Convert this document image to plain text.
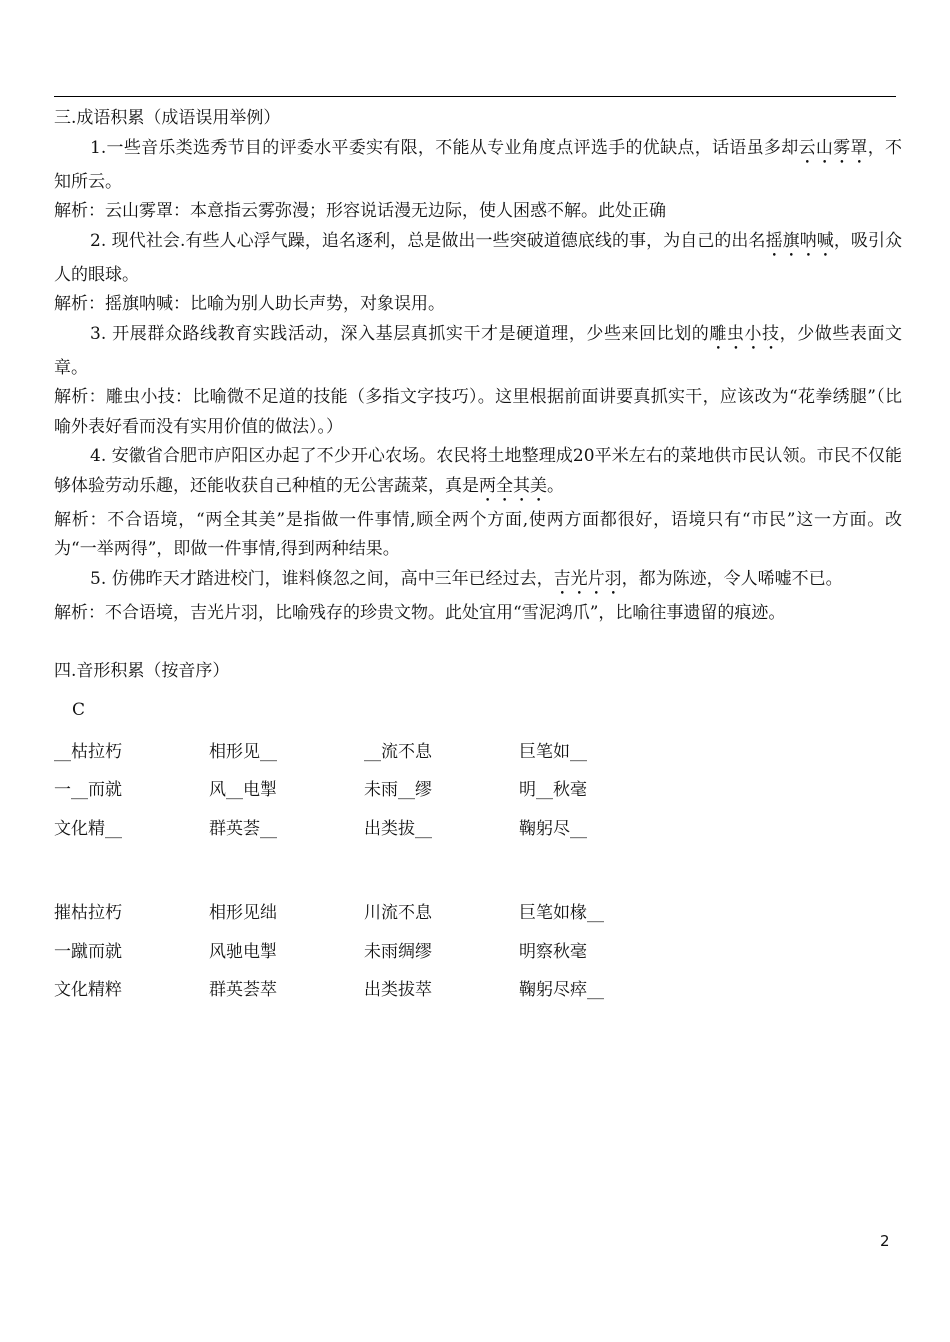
三.成语积累（成语误用举例）

1.一些音乐类选秀节目的评委水平委实有限，不能从专业角度点评选手的优缺点，话语虽多却云山雾罩，不知所云。

解析：云山雾罩：本意指云雾弥漫；形容说话漫无边际，使人困惑不解。此处正确

2. 现代社会.有些人心浮气躁，追名逐利，总是做出一些突破道德底线的事，为自己的出名摇旗呐喊，吸引众人的眼球。

解析：摇旗呐喊：比喻为别人助长声势，对象误用。

3. 开展群众路线教育实践活动，深入基层真抓实干才是硬道理，少些来回比划的雕虫小技，少做些表面文章。

解析：雕虫小技：比喻微不足道的技能（多指文字技巧）。这里根据前面讲要真抓实干，应该改为“花拳绣腿”（比喻外表好看而没有实用价值的做法）。）

4. 安徽省合肥市庐阳区办起了不少开心农场。农民将土地整理成20平米左右的菜地供市民认领。市民不仅能够体验劳动乐趣，还能收获自己种植的无公害蔬菜，真是两全其美。

解析：不合语境，“两全其美”是指做一件事情,顾全两个方面,使两方面都很好，语境只有“市民”这一方面。改为“一举两得”，即做一件事情,得到两种结果。

5. 仿佛昨天才踏进校门，谁料倏忽之间，高中三年已经过去，吉光片羽，都为陈迹，令人唏嘘不已。

解析：不合语境，吉光片羽，比喻残存的珍贵文物。此处宜用“雪泥鸿爪”，比喻往事遗留的痕迹。

四.音形积累（按音序）

C

__枯拉朽	相形见__	__流不息	巨笔如__
一__而就	风__电掣	未雨__缪	明__秋毫
文化精__	群英荟__	出类拔__	鞠躬尽__
摧枯拉朽	相形见绌	川流不息	巨笔如椽__
一蹴而就	风驰电掣	未雨绸缪	明察秋毫
文化精粹	群英荟萃	出类拔萃	鞠躬尽瘁__
2
